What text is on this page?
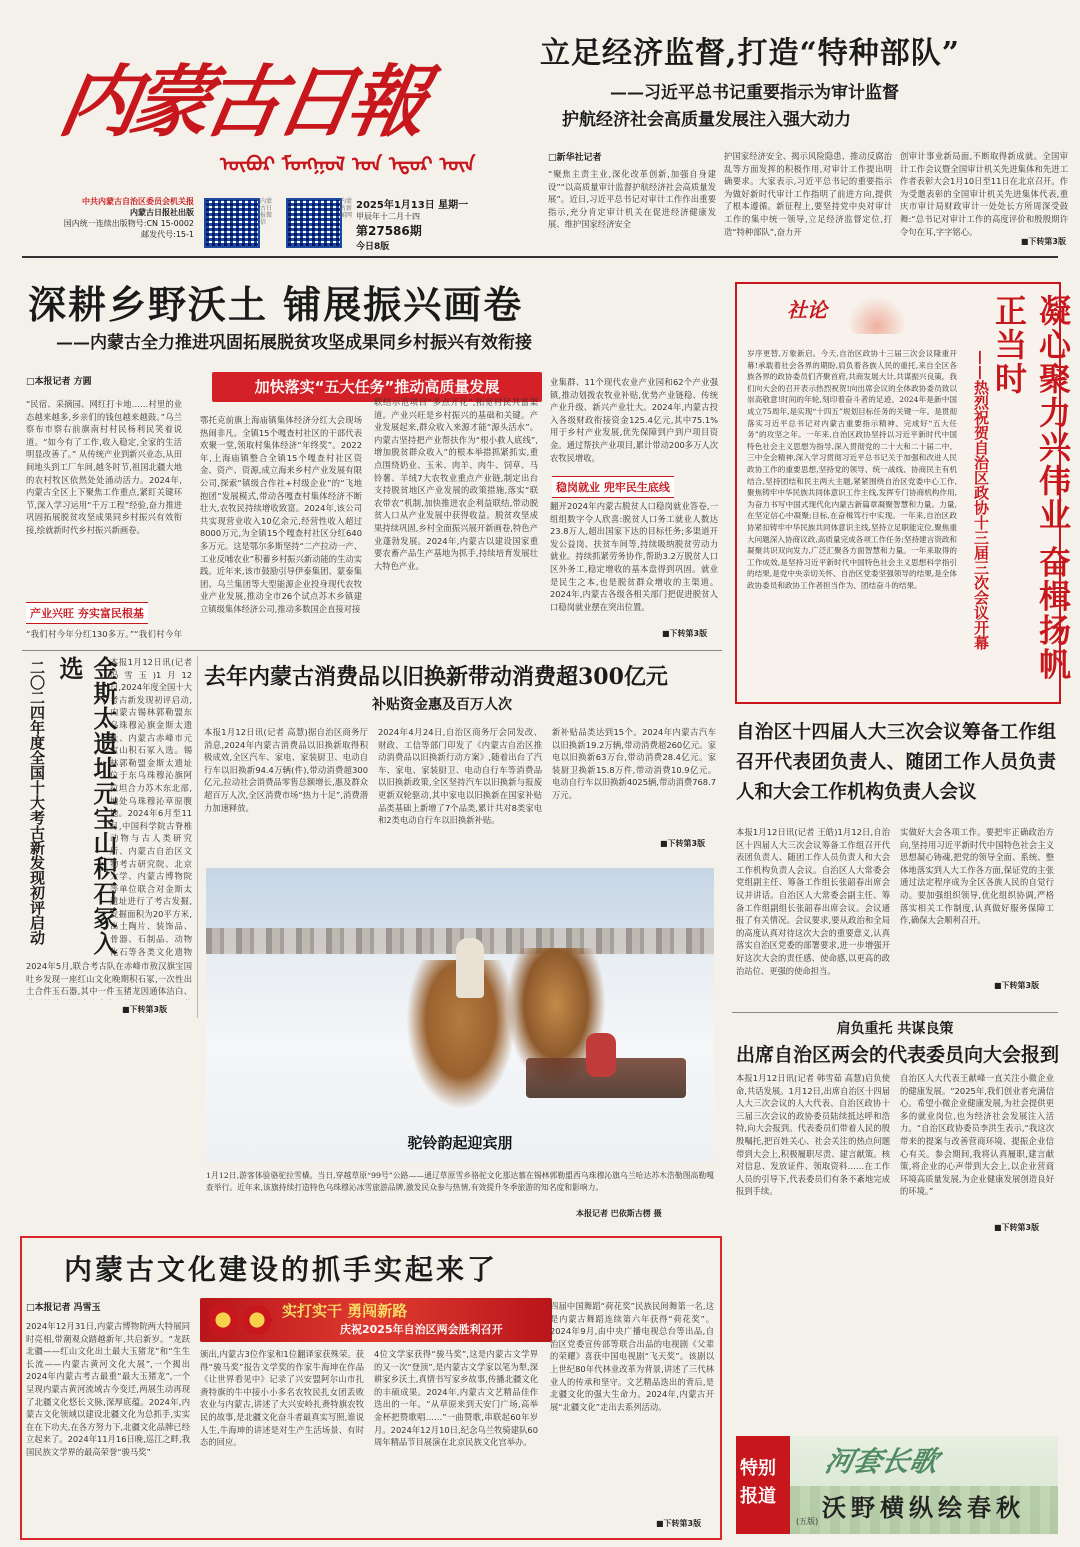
内蒙古日報
ᠥᠪᠦᠷ ᠮᠣᠩᠭᠣᠯ ᠤᠨ ᠡᠳᠦᠷ ᠦᠨ
中共内蒙古自治区委员会机关报
内蒙古日报社出版
国内统一连续出版物号:CN 15-0002
邮发代号:15-1
内蒙古日报微信
内蒙古新闻网
2025年1月13日 星期一
甲辰年十二月十四
第27586期
今日8版
立足经济监督,打造“特种部队”
——习近平总书记重要指示为审计监督
护航经济社会高质量发展注入强大动力
□新华社记者
“聚焦主责主业,深化改革创新,加强自身建设”“以高质量审计监督护航经济社会高质量发展”。近日,习近平总书记对审计工作作出重要指示,充分肯定审计机关在促进经济健康发展、维护国家经济安全
护国家经济安全、揭示风险隐患、推动反腐治乱等方面发挥的积极作用,对审计工作提出明确要求。大家表示,习近平总书记的重要指示为做好新时代审计工作指明了前进方向,提供了根本遵循。新征程上,要坚持党中央对审计工作的集中统一领导,立足经济监督定位,打造“特种部队”,奋力开
创审计事业新局面,不断取得新成就。全国审计工作会议暨全国审计机关先进集体和先进工作者表彰大会1月10日至11日在北京召开。作为受邀表彰的全国审计机关先进集体代表,重庆市审计局财政审计一处处长方所周深受鼓舞:“总书记对审计工作的高度评价和殷殷期许令句在耳,字字铭心。
■下转第3版
深耕乡野沃土 铺展振兴画卷
——内蒙古全力推进巩固拓展脱贫攻坚成果同乡村振兴有效衔接
□本报记者 方圆	加快落实“五大任务”推动高质量发展
“民宿、采摘园、网红打卡地……村里的业态越来越多,乡亲们的钱包越来越鼓。”乌兰察布市察右前旗南村村民杨利民笑着说道。“如今有了工作,收入稳定,全家的生活明显改善了。” 从传统产业到新兴业态,从田间地头到工厂车间,越冬时节,祖国北疆大地的农村牧区依然处处涌动活力。2024年,内蒙古全区上下聚焦工作重点,紧盯关键环节,深入学习运用“千万工程”经验,奋力推进巩固拓展脱贫攻坚成果同乡村振兴有效衔接,绘就新时代乡村振兴新画卷。
产业兴旺 夯实富民根基
“我们村今年分红130多万。”“我们村今年
鄂托克前旗上海庙镇集体经济分红大会现场热闹非凡。全镇15个嘎查村社区的干部代表欢聚一堂,领取村集体经济“年终奖”。2022年,上海庙镇整合全镇15个嘎查村社区资金、资产、资源,成立海来乡村产业发展有限公司,探索“镇级合作社+村级企业”的“飞地抱团”发展模式,带动各嘎查村集体经济不断壮大,农牧民持续增收致富。2024年,该公司共实现营业收入10亿余元,经营性收入超过8000万元,为全镇15个嘎查村社区分红640多万元。这是鄂尔多斯坚持“二产拉动一产、工业反哺农业”积蓄乡村振兴新动能的生动实践。近年来,该市鼓励引导伊泰集团、蒙泰集团、乌兰集团等大型能源企业投身现代农牧业产业发展,推动全市26个试点苏木乡镇建立镇级集体经济公司,推动多数国企直接对接
联结示范项目“多点开花”,拓宽村民共富渠道。产业兴旺是乡村振兴的基础和关键。产业发展起来,群众收入来源才能“源头活水”。内蒙古坚持把产业帮扶作为“根小救人底线”,增加脱贫群众收入”的根本举措抓紧抓实,重点围绕奶业、玉米、肉羊、肉牛、饲草、马铃薯、羊绒7大农牧业重点产业链,制定出台支持脱贫地区产业发展的政策措施,落实“联农带农”机制,加快推进农企利益联结,带动脱贫人口从产业发展中获得收益。脱贫攻坚成果持续巩固,乡村全面振兴展开新画卷,特色产业蓬勃发展。2024年,内蒙古以建设国家重要农畜产品生产基地为抓手,持续培育发展壮大特色产业。
业集群、11个现代农业产业园和62个产业强镇,推动划拨农牧业补贴,优势产业链稳、传统产业升级、新兴产业壮大。2024年,内蒙古投入各级财政衔接资金125.4亿元,其中75.1%用于乡村产业发展,优先保障到户到户项目资金。通过帮扶产业项目,累计带动200多万人次农牧民增收。
稳岗就业 兜牢民生底线
翻开2024年内蒙古脱贫人口稳岗就业答卷,一组组数字令人欣喜:脱贫人口务工就业人数达23.8万人,超出国家下达的目标任务;多渠道开发公益岗、扶贫车间等,持续吸纳脱贫劳动力就业。持续抓紧劳务协作,帮助3.2万脱贫人口区外务工,稳定增收的基本盘得到巩固。就业是民生之本,也是脱贫群众增收的主渠道。2024年,内蒙古各级各相关部门把促进脱贫人口稳岗就业摆在突出位置。
■下转第3版
社论
岁序更替,万象新启。今天,自治区政协十三届三次会议隆重开幕!承载着社会各界的期盼,肩负着各族人民的重托,来自全区各族各界的政协委员们齐聚首府,共商发展大计,共谋振兴良策。我们向大会的召开表示热烈祝贺!向出席会议的全体政协委员致以崇高敬意!时间的年轮,刻印着奋斗者的足迹。2024年是新中国成立75周年,是实现“十四五”规划目标任务的关键一年。是贯彻落实习近平总书记对内蒙古重要指示精神、完成好“五大任务”的攻坚之年。一年来,自治区政协坚持以习近平新时代中国特色社会主义思想为指导,深入贯彻党的二十大和二十届二中、三中全会精神,深入学习贯彻习近平总书记关于加强和改进人民政协工作的重要思想,坚持党的领导、统一战线、协商民主有机结合,坚持团结和民主两大主题,紧紧围绕自治区党委中心工作,聚焦铸牢中华民族共同体意识工作主线,发挥专门协商机构作用,为奋力书写中国式现代化内蒙古新篇章凝聚智慧和力量。力量,在坚定信心中凝聚;目标,在奋楫笃行中实现。一年来,自治区政协紧扣铸牢中华民族共同体意识主线,坚持立足职能定位,聚焦重大问题深入协商议政,高质量完成各项工作任务;坚持建言资政和凝聚共识双向发力,广泛汇聚各方面智慧和力量。一年来取得的工作成效,是坚持习近平新时代中国特色社会主义思想科学指引的结果,是党中央亲切关怀、自治区党委坚强领导的结果,是全体政协委员和政协工作者担当作为、团结奋斗的结果。	凝心聚力兴伟业 奋楫扬帆正当时
——热烈祝贺自治区政协十三届三次会议开幕
金斯太遗址元宝山积石冢入选
二〇二四年度全国十大考古新发现初评启动	本报1月12日讯(记者 冯雪玉)1月12日,2024年度全国十大考古新发现初评启动,内蒙古锡林郭勒盟东乌珠穆沁旗金斯太遗址、内蒙古赤峰市元宝山积石冢入选。锡林郭勒盟金斯太遗址位于东乌珠穆沁旗阿拉坦合力苏木东北部,地处乌珠穆沁草原腹地。2024年6月至11月,中国科学院古脊椎动物与古人类研究所、内蒙古自治区文物考古研究院、北京大学、内蒙古博物院等单位联合对金斯太遗址进行了考古发掘,发掘面积为20平方米,出土陶片、装饰品、骨器、石制品、动物化石等各类文化遗物
2024年5月,联合考古队在赤峰市敖汉旗宝国吐乡发现一座红山文化晚期积石冢,一次性出土合件玉石器,其中一件玉猪龙因通体洁白、
■下转第3版
去年内蒙古消费品以旧换新带动消费超300亿元
补贴资金惠及百万人次
本报1月12日讯(记者 高慧)据自治区商务厅消息,2024年内蒙古消费品以旧换新取得积极成效,全区汽车、家电、家装厨卫、电动自行车以旧换新94.4万辆(件),带动消费超300亿元,拉动社会消费品零售总额增长,惠及群众超百万人次,全区消费市场“热力十足”,消费潜力加速释放。
2024年4月24日,自治区商务厅会同发改、财政、工信等部门印发了《内蒙古自治区推动消费品以旧换新行动方案》,随着出台了汽车、家电、家装厨卫、电动自行车等消费品以旧换新政策,全区坚持汽车以旧换新与报废更新双轮驱动,其中家电以旧换新在国家补贴品类基础上新增了7个品类,累计共对8类家电和2类电动自行车以旧换新补贴。
新补贴品类达到15个。2024年内蒙古汽车以旧换新19.2万辆,带动消费超260亿元。家电以旧换新63万台,带动消费28.4亿元。家装厨卫换新15.8万件,带动消费10.9亿元。电动自行车以旧换新4025辆,带动消费768.7万元。
■下转第3版
驼铃韵起迎宾朋
1月12日,游客体验骆驼拉雪橇。当日,穿越草原“99号”公路——通辽草原雪乡骆驼文化那达慕在锡林郭勒盟西乌珠穆沁旗乌兰哈达苏木浩勒图高勒嘎查举行。近年来,该旗持续打造特色乌珠穆沁冰雪旅游品牌,激发民众参与热情,有效提升冬季旅游的知名度和影响力。
本报记者 巴依斯古楞 摄
自治区十四届人大三次会议筹备工作组召开代表团负责人、随团工作人员负责人和大会工作机构负责人会议
本报1月12日讯(记者 王皓)1月12日,自治区十四届人大三次会议筹备工作组召开代表团负责人、随团工作人员负责人和大会工作机构负责人会议。自治区人大常委会党组副主任、筹备工作组长张韶春出席会议并讲话。自治区人大常委会副主任、筹备工作组副组长张韶春出席会议。会议通报了有关情况。会议要求,要从政治和全局的高度认真对待这次大会的重要意义,认真落实自治区党委的部署要求,进一步增强开好这次大会的责任感、使命感,以更高的政治站位、更强的使命担当。
实做好大会各项工作。要把牢正确政治方向,坚持用习近平新时代中国特色社会主义思想凝心铸魂,把党的领导全面、系统、整体地落实到人大工作各方面,保证党的主张通过法定程序成为全区各族人民的自觉行动。要加强组织领导,优化组织协调,严格落实相关工作制度,认真做好服务保障工作,确保大会顺利召开。
■下转第3版
肩负重托 共谋良策
出席自治区两会的代表委员向大会报到
本报1月12日讯(记者 韩雪茹 高慧)启负使命,共话发展。1月12日,出席自治区十四届人大三次会议的人大代表、自治区政协十三届三次会议的政协委员陆续抵达呼和浩特,向大会报到。代表委员们带着人民的殷殷嘱托,把百姓关心、社会关注的热点问题带到大会上,积极履职尽责、建言献策。核对信息、发放证件、领取资料……在工作人员的引导下,代表委员们有条不紊地完成报到手续。
自治区人大代表王献峰一直关注小微企业的健康发展。“2025年,我们创业者充满信心。希望小微企业健康发展,为社会提供更多的就业岗位,也为经济社会发展注入活力。“自治区政协委员李洪生表示,“我这次带来的提案与改善营商环境、提振企业信心有关。参会期间,我将认真履职,建言献策,将企业的心声带到大会上,以企业营商环境高质量发展,为企业健康发展创造良好的环境。”
■下转第3版
内蒙古文化建设的抓手实起来了
□本报记者 冯雪玉	实打实干 勇闯新路
庆祝2025年自治区两会胜利召开
2024年12月31日,内蒙古博物院两大特展同时亮相,带潮观众踏越新年,共启新岁。“龙跃北疆——红山文化出土最大玉猪龙”和“生生长流——内蒙古黄河文化大展”,一个揭出2024年内蒙古考古最重“最大玉猪龙”,一个呈现内蒙古黄河流域古今变迁,两展生动再现了北疆文化悠长文脉,深厚底蕴。2024年,内蒙古文化领域以建设北疆文化为总抓手,实实在在下功夫,在各方努力下,北疆文化品牌已经立起来了。2024年11月16日晚,巡江之畔,我国民族文学界的最高荣誉“骏马奖”
颁出,内蒙古3位作家和1位翻译家获殊荣。获得“骏马奖”报告文学奖的作家牛海坤在作品《让世界看见中》记录了兴安盟阿尔山市扎赉特旗的牛中接小小多名农牧民扎女团丢败农业与内蒙古,讲述了大兴安岭扎赉特旗农牧民的故事,是北疆文化奋斗者最真实写照,谁说人生,牛海坤的讲述是对生产生活场景、有时态的回应。
4位文学家获得“骏马奖”,这是内蒙古文学界的又一次“登顶”,是内蒙古文学家以笔为犁,深耕家乡沃土,真情书写家乡故事,传播北疆文化的丰硕成果。2024年,内蒙古文艺精品佳作迭出的一年。“从草原来到天安门广场,高举金杯把赞歌唱……”一曲赞歌,串联起60年岁月。2024年12月10日,纪念乌兰牧骑建队60周年精品节目展演在北京民族文化宫举办。
四届中国舞蹈“荷花奖”民族民间舞第一名,这是内蒙古舞蹈连续第六年获得“荷花奖”。2024年9月,由中央广播电视总台等出品,自治区党委宣传部等联合出品的电视剧《父辈的荣耀》喜获中国电视剧“飞天奖”。该剧以上世纪80年代林业改革为背景,讲述了三代林业人的传承和坚守。文艺精品迭出的背后,是北疆文化的强大生命力。2024年,内蒙古开展“北疆文化”走出去系列活动。
■下转第3版
特别
报道
河套长歌
沃野横纵绘春秋
(五版)
